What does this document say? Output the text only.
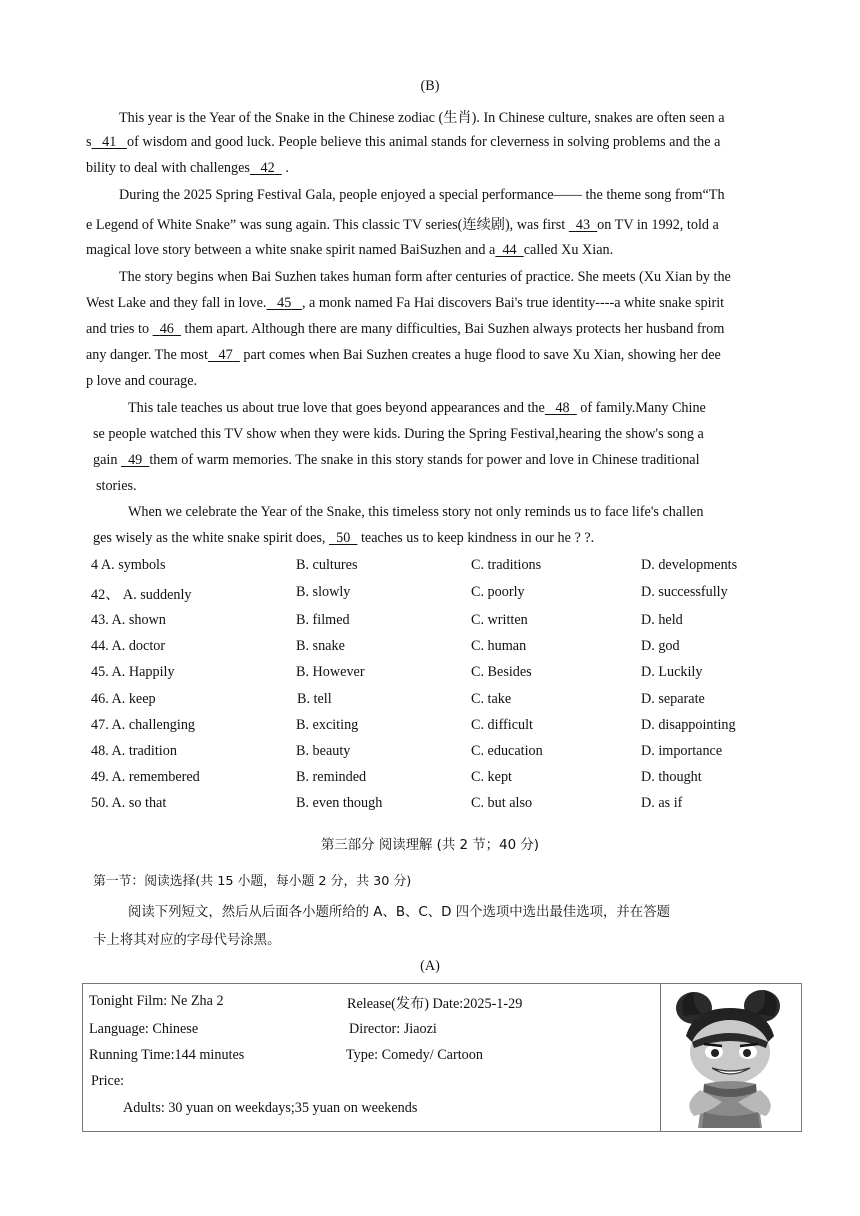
(B)
This year is the Year of the Snake in the Chinese zodiac (生肖). In Chinese culture, snakes are often seen a
s 41 of wisdom and good luck. People believe this animal stands for cleverness in solving problems and the a
bility to deal with challenges 42   .
During the 2025 Spring Festival Gala, people enjoyed a special performance—— the theme song from“Th
e Legend of White Snake” was sung again. This classic TV series(连续剧), was first   43 on TV in 1992, told a
magical love story between a white snake spirit named BaiSuzhen and a 44 called Xu Xian.
The story begins when Bai Suzhen takes human form after centuries of practice. She meets (Xu Xian by the
West Lake and they fall in love. 45 , a monk named Fa Hai discovers Bai's true identity----a white snake spirit
and tries to   46   them apart. Although there are many difficulties, Bai Suzhen always protects her husband from
any danger. The most 47   part comes when Bai Suzhen creates a huge flood to save Xu Xian, showing her dee
p love and courage.
This tale teaches us about true love that goes beyond appearances and the 48   of family.Many Chine
se people watched this TV show when they were kids. During the Spring Festival,hearing the show's song a
gain   49 them of warm memories. The snake in this story stands for power and love in Chinese traditional
stories.
When we celebrate the Year of the Snake, this timeless story not only reminds us to face life's challen
ges wisely as the white snake spirit does,   50   teaches us to keep kindness in our he ? ?.
4 A. symbols	B. cultures	C. traditions	D. developments
42、 A. suddenly	B. slowly	C. poorly	D. successfully
43. A. shown	B. filmed	C. written	D. held
44. A. doctor	B. snake	C. human	D. god
45. A. Happily	B. However	C. Besides	D. Luckily
46. A. keep	B. tell	C. take	D. separate
47. A. challenging	B. exciting	C. difficult	D. disappointing
48. A. tradition	B. beauty	C. education	D. importance
49. A. remembered	B. reminded	C. kept	D. thought
50. A. so that	B. even though	C. but also	D. as if
第三部分 阅读理解 (共 2 节；40 分)
第一节：阅读选择(共 15 小题，每小题 2 分，共 30 分)
阅读下列短文，然后从后面各小题所给的 A、B、C、D 四个选项中选出最佳选项，并在答题
卡上将其对应的字母代号涂黑。
(A)
Tonight Film: Ne Zha 2	Release(发布) Date:2025-1-29
Language: Chinese	Director: Jiaozi
Running Time:144 minutes	Type: Comedy/ Cartoon
Price:
Adults: 30 yuan on weekdays;35 yuan on weekends
